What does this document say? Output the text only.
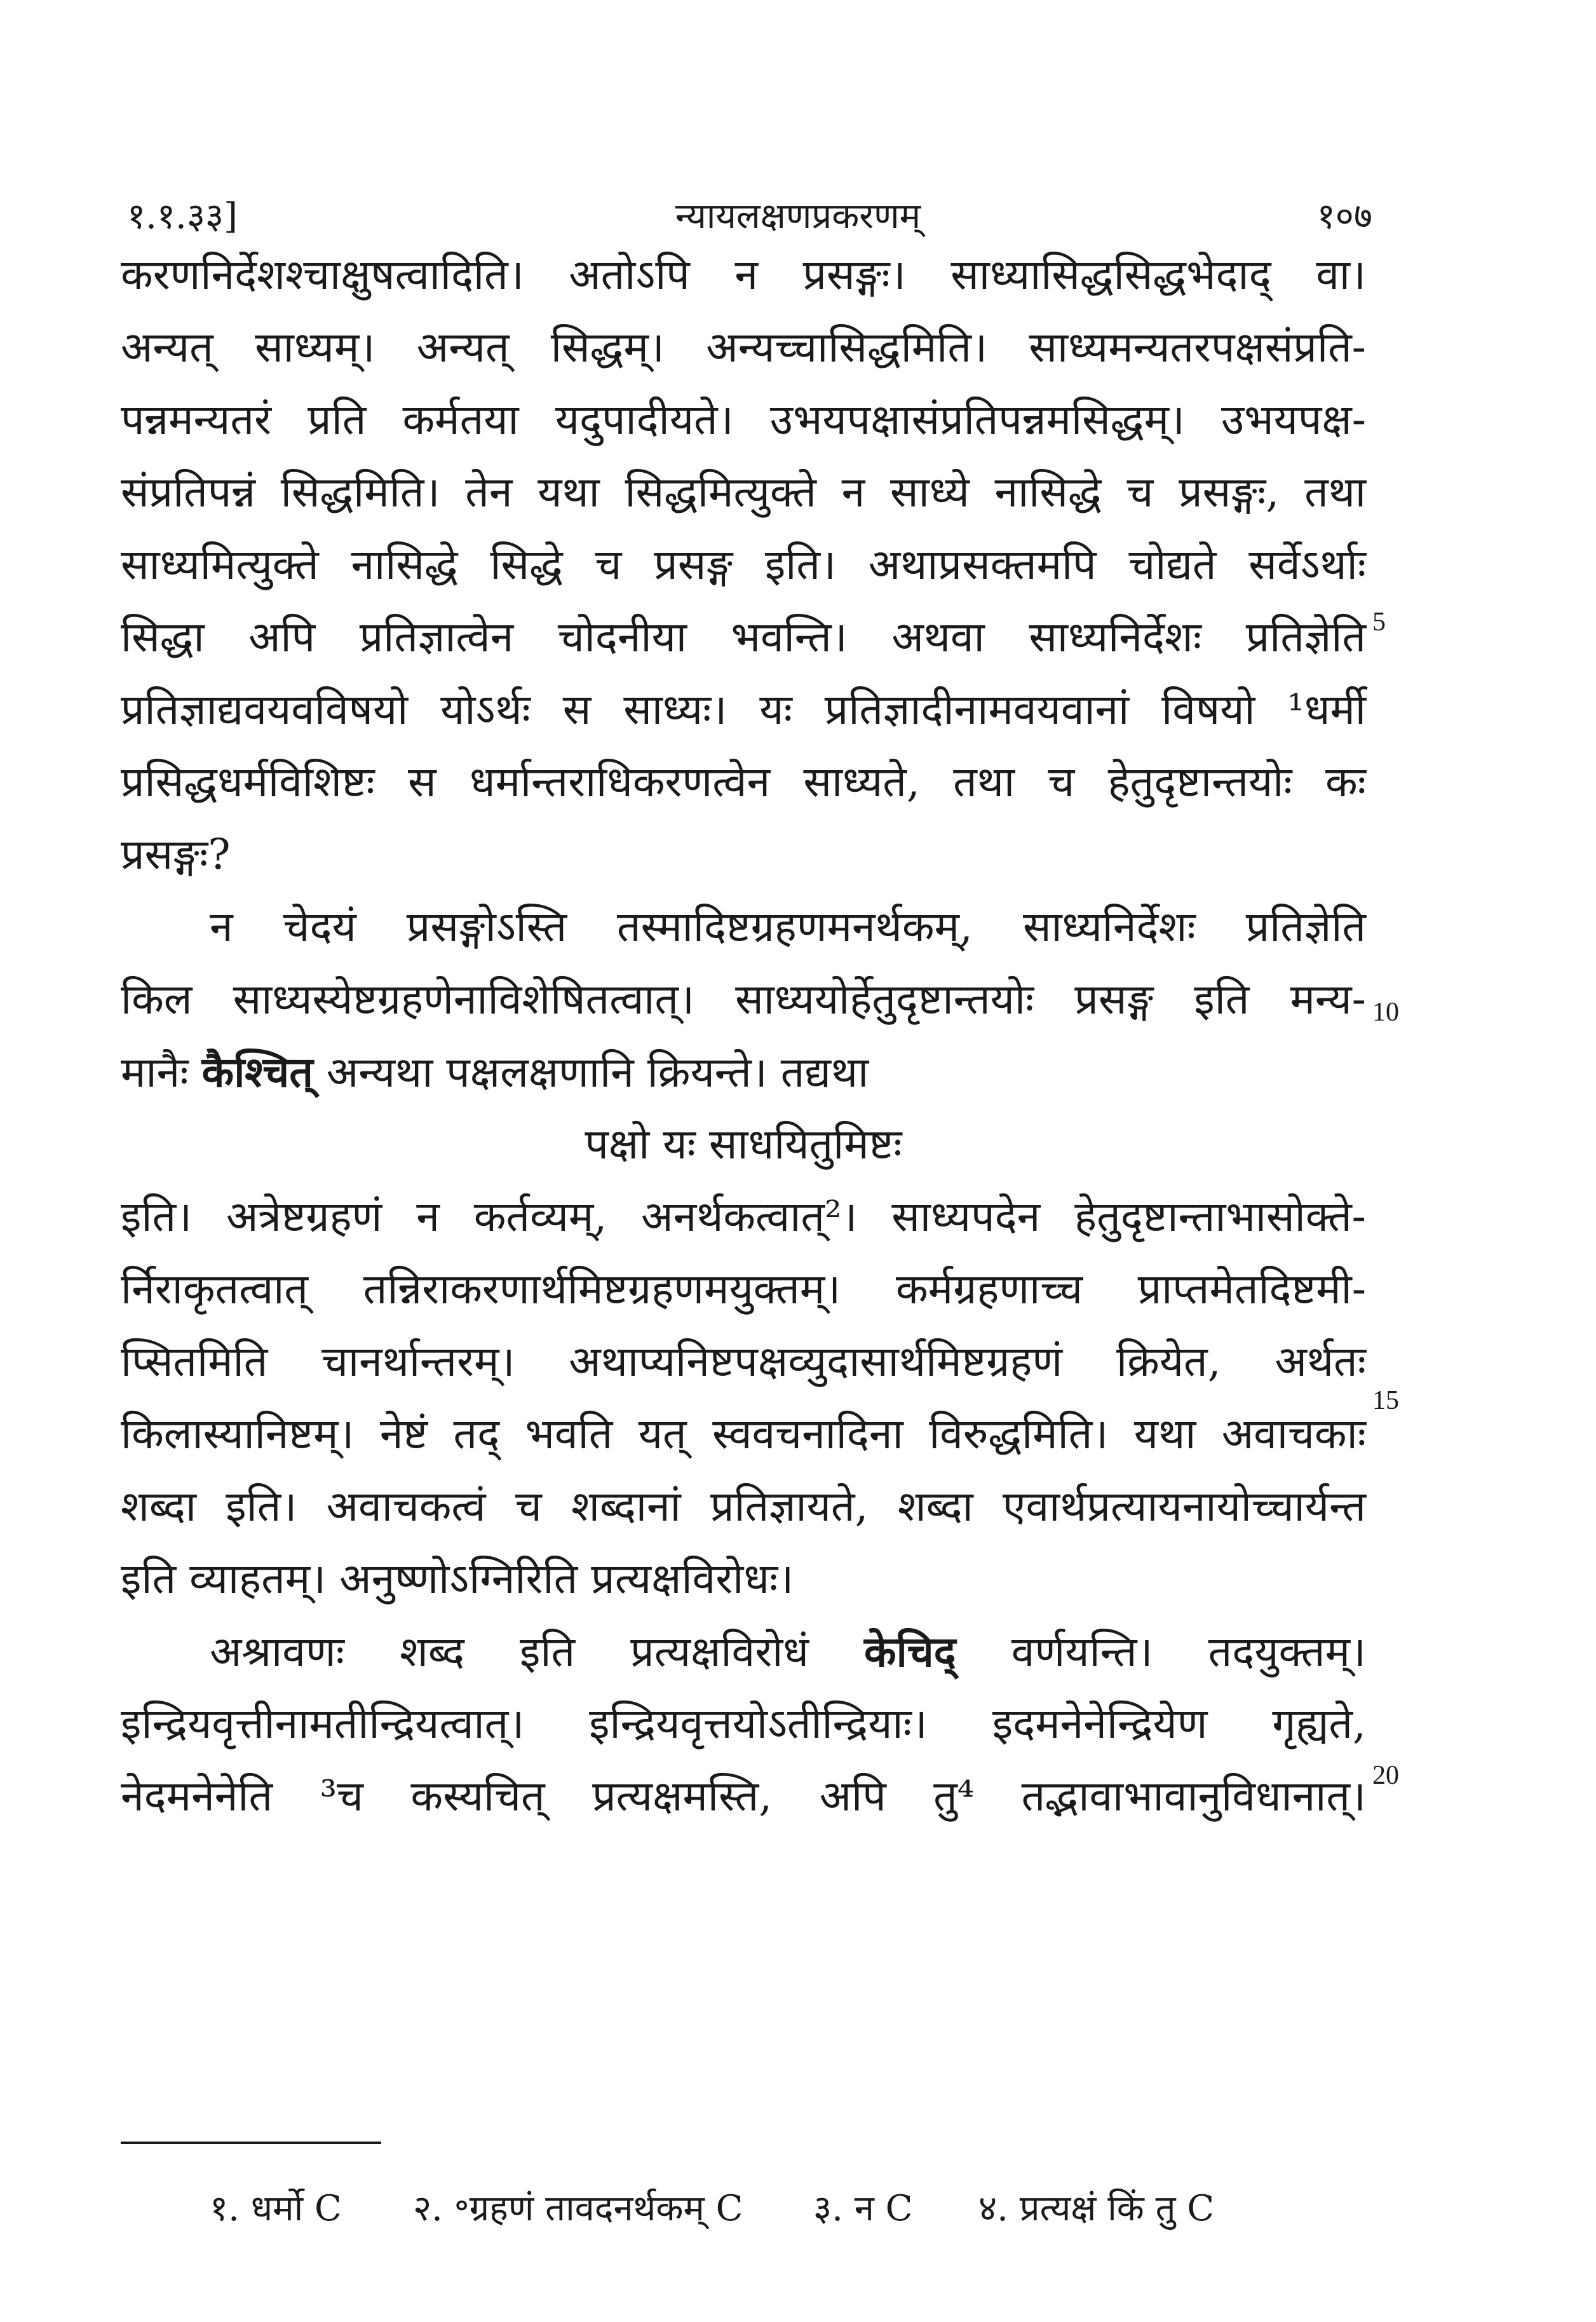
१.१.३३]	न्यायलक्षणप्रकरणम्	१०७
करणनिर्देशश्चाक्षुषत्वादिति। अतोऽपि न प्रसङ्गः। साध्यासिद्धसिद्धभेदाद् वा।
अन्यत् साध्यम्। अन्यत् सिद्धम्। अन्यच्चासिद्धमिति। साध्यमन्यतरपक्षसंप्रति-
पन्नमन्यतरं प्रति कर्मतया यदुपादीयते। उभयपक्षासंप्रतिपन्नमसिद्धम्। उभयपक्ष-
संप्रतिपन्नं सिद्धमिति। तेन यथा सिद्धमित्युक्ते न साध्ये नासिद्धे च प्रसङ्गः, तथा
साध्यमित्युक्ते नासिद्धे सिद्धे च प्रसङ्ग इति। अथाप्रसक्तमपि चोद्यते सर्वेऽर्थाः
सिद्धा अपि प्रतिज्ञात्वेन चोदनीया भवन्ति। अथवा साध्यनिर्देशः प्रतिज्ञेति
प्रतिज्ञाद्यवयवविषयो योऽर्थः स साध्यः। यः प्रतिज्ञादीनामवयवानां विषयो ¹धर्मी
प्रसिद्धधर्मविशिष्टः स धर्मान्तराधिकरणत्वेन साध्यते, तथा च हेतुदृष्टान्तयोः कः
प्रसङ्गः?
न चेदयं प्रसङ्गोऽस्ति तस्मादिष्टग्रहणमनर्थकम्, साध्यनिर्देशः प्रतिज्ञेति
किल साध्यस्येष्टग्रहणेनाविशेषितत्वात्। साध्ययोर्हेतुदृष्टान्तयोः प्रसङ्ग इति मन्य-
मानैः कैश्चित् अन्यथा पक्षलक्षणानि क्रियन्ते। तद्यथा
पक्षो यः साधयितुमिष्टः
इति। अत्रेष्टग्रहणं न कर्तव्यम्, अनर्थकत्वात्²। साध्यपदेन हेतुदृष्टान्ताभासोक्ते-
र्निराकृतत्वात् तन्निराकरणार्थमिष्टग्रहणमयुक्तम्। कर्मग्रहणाच्च प्राप्तमेतदिष्टमी-
प्सितमिति चानर्थान्तरम्। अथाप्यनिष्टपक्षव्युदासार्थमिष्टग्रहणं क्रियेत, अर्थतः
किलास्यानिष्टम्। नेष्टं तद् भवति यत् स्ववचनादिना विरुद्धमिति। यथा अवाचकाः
शब्दा इति। अवाचकत्वं च शब्दानां प्रतिज्ञायते, शब्दा एवार्थप्रत्यायनायोच्चार्यन्त
इति व्याहतम्। अनुष्णोऽग्निरिति प्रत्यक्षविरोधः।
अश्रावणः शब्द इति प्रत्यक्षविरोधं केचिद् वर्णयन्ति। तदयुक्तम्।
इन्द्रियवृत्तीनामतीन्द्रियत्वात्। इन्द्रियवृत्तयोऽतीन्द्रियाः। इदमनेनेन्द्रियेण गृह्यते,
नेदमनेनेति ³च कस्यचित् प्रत्यक्षमस्ति, अपि तु⁴ तद्भावाभावानुविधानात्।
5
10
15
20
१. धर्मो C २. ॰ग्रहणं तावदनर्थकम् C ३. न C ४. प्रत्यक्षं किं तु C
